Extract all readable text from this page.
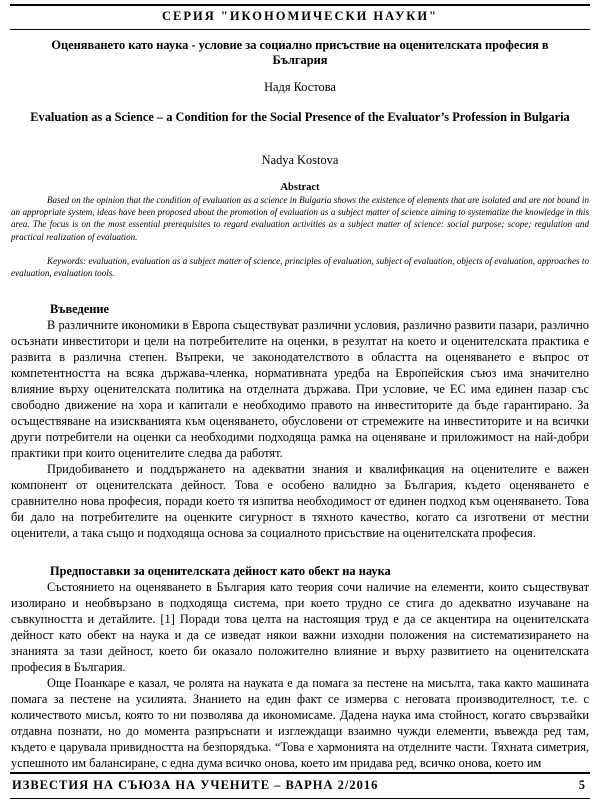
СЕРИЯ "ИКОНОМИЧЕСКИ НАУКИ"
Оценяването като наука - условие за социално присъствие на оценителската професия в България
Надя Костова
Evaluation as a Science – a Condition for the Social Presence of the Evaluator’s Profession in Bulgaria
Nadya Kostova
Abstract
Based on the opinion that the condition of evaluation as a science in Bulgaria shows the existence of elements that are isolated and are not bound in an appropriate system, ideas have been proposed about the promotion of evaluation as a subject matter of science aiming to systematize the knowledge in this area. The focus is on the most essential prerequisites to regard evaluation activities as a subject matter of science: social purpose; scope; regulation and practical realization of evaluation.
Keywords: evaluation, evaluation as a subject matter of science, principles of evaluation, subject of evaluation, objects of evaluation, approaches to evaluation, evaluation tools.
Въведение

В различните икономики в Европа съществуват различни условия, различно развити пазари, различно осъзнати инвеститори и цели на потребителите на оценки, в резултат на което и оценителската практика е развита в различна степен. Въпреки, че законодателството в областта на оценяването е въпрос от компетентността на всяка държава-членка, нормативната уредба на Европейския съюз има значително влияние върху оценителската политика на отделната държава. При условие, че ЕС има единен пазар със свободно движение на хора и капитали е необходимо правото на инвеститорите да бъде гарантирано. За осъществяване на изискванията към оценяването, обусловени от стремежите на инвеститорите и на всички други потребители на оценки са необходими подходяща рамка на оценяване и приложимост на най-добри практики при които оценителите следва да работят.

Придобиването и поддържането на адекватни знания и квалификация на оценителите е важен компонент от оценителската дейност. Това е особено валидно за България, където оценяването е сравнително нова професия, поради което тя изпитва необходимост от единен подход към оценяването. Това би дало на потребителите на оценките сигурност в тяхното качество, когато са изготвени от местни оценители, а така също и подходяща основа за социалното присъствие на оценителската професия.

Предпоставки за оценителската дейност като обект на наука

Състоянието на оценяването в България като теория сочи наличие на елементи, които съществуват изолирано и необвързано в подходяща система, при което трудно се стига до адекватно изучаване на съвкупността и детайлите. [1] Поради това целта на настоящия труд е да се акцентира на оценителската дейност като обект на наука и да се изведат някои важни изходни положения на систематизирането на знанията за тази дейност, което би оказало положително влияние и върху развитието на оценителската професия в България.

Още Поанкаре е казал, че ролята на науката е да помага за пестене на мисълта, така както машината помага за пестене на усилията. Знанието на един факт се измерва с неговата производителност, т.е. с количеството мисъл, която то ни позволява да икономисаме. Дадена наука има стойност, когато свързвайки отдавна познати, но до момента разпръснати и изглеждащи взаимно чужди елементи, въвежда ред там, където е царувала привидността на безпорядъка. “Това е хармонията на отделните части. Тяхната симетрия, успешното им балансиране, с една дума всичко онова, което им придава ред, всичко онова, което им

ИЗВЕСТИЯ НА СЪЮЗА НА УЧЕНИТЕ – ВАРНА 2/2016	5
